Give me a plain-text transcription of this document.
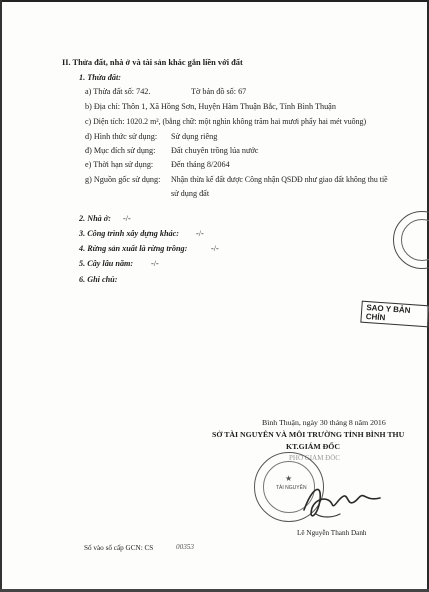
II. Thửa đất, nhà ở và tài sản khác gắn liền với đất
1. Thửa đất:
a) Thửa đất số: 742.	Tờ bản đồ số: 67
b) Địa chỉ: Thôn 1, Xã Hồng Sơn, Huyện Hàm Thuận Bắc, Tỉnh Bình Thuận
c) Diện tích: 1020.2 m², (bằng chữ: một nghìn không trăm hai mươi phẩy hai mét vuông)
d) Hình thức sử dụng: Sử dụng riêng
đ) Mục đích sử dụng: Đất chuyên trồng lúa nước
e) Thời hạn sử dụng: Đến tháng 8/2064
g) Nguồn gốc sử dụng: Nhận thừa kế đất được Công nhận QSDĐ như giao đất không thu tiề
sử dụng đất
2. Nhà ở: -/-
3. Công trình xây dựng khác: -/-
4. Rừng sản xuất là rừng trồng:	-/-
5. Cây lâu năm: -/-
6. Ghi chú:
SAO Y BẢN CHÍN
Bình Thuận, ngày 30 tháng 8 năm 2016
SỞ TÀI NGUYÊN VÀ MÔI TRƯỜNG TỈNH BÌNH THU
KT.GIÁM ĐỐC
PHÓ GIÁM ĐỐC
TÀI NGUYÊN
★
Lê Nguyễn Thanh Danh
Số vào sổ cấp GCN: CS	00353
